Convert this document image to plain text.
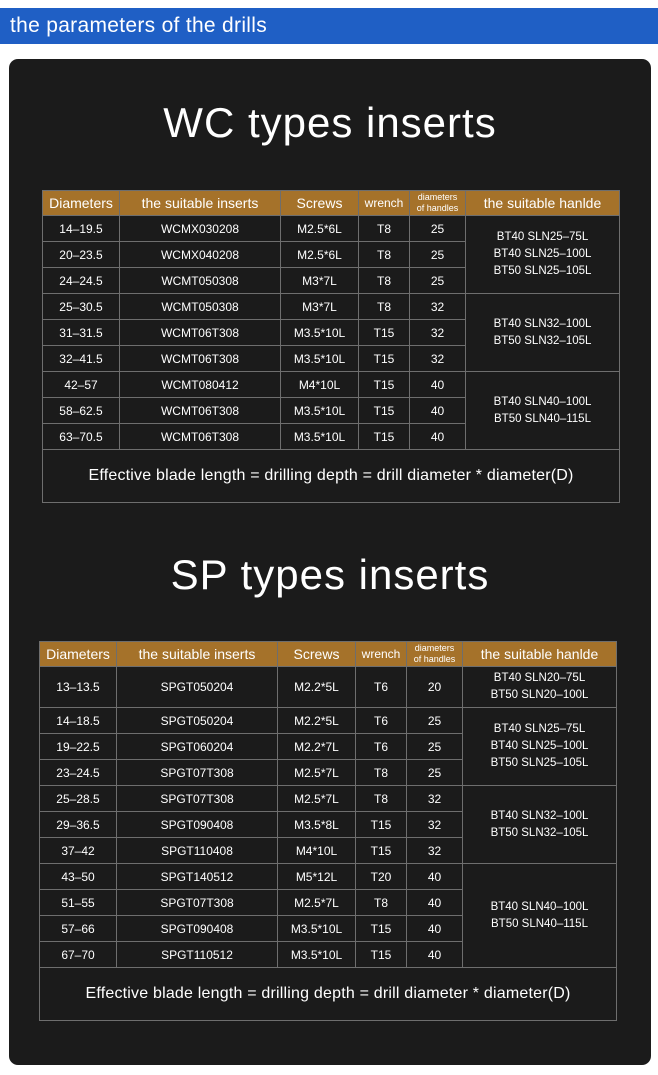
the parameters of the drills
WC types inserts
Diameters	the suitable inserts	Screws	wrench	diameters
of handles	the suitable hanlde
14–19.5	WCMX030208	M2.5*6L	T8	25	BT40 SLN25–75L
BT40 SLN25–100L
BT50 SLN25–105L

20–23.5	WCMX040208	M2.5*6L	T8	25	
24–24.5	WCMT050308	M3*7L	T8	25	
25–30.5	WCMT050308	M3*7L	T8	32	BT40 SLN32–100L
BT50 SLN32–105L

31–31.5	WCMT06T308	M3.5*10L	T15	32	
32–41.5	WCMT06T308	M3.5*10L	T15	32	
42–57	WCMT080412	M4*10L	T15	40	BT40 SLN40–100L
BT50 SLN40–115L

58–62.5	WCMT06T308	M3.5*10L	T15	40	
63–70.5	WCMT06T308	M3.5*10L	T15	40	
Effective blade length = drilling depth = drill diameter * diameter(D)					
SP types inserts
Diameters	the suitable inserts	Screws	wrench	diameters
of handles	the suitable hanlde
13–13.5	SPGT050204	M2.2*5L	T6	20	BT40 SLN20–75L
BT50 SLN20–100L

14–18.5	SPGT050204	M2.2*5L	T6	25	BT40 SLN25–75L
BT40 SLN25–100L
BT50 SLN25–105L

19–22.5	SPGT060204	M2.2*7L	T6	25	
23–24.5	SPGT07T308	M2.5*7L	T8	25	
25–28.5	SPGT07T308	M2.5*7L	T8	32	BT40 SLN32–100L
BT50 SLN32–105L

29–36.5	SPGT090408	M3.5*8L	T15	32	
37–42	SPGT110408	M4*10L	T15	32	
43–50	SPGT140512	M5*12L	T20	40	BT40 SLN40–100L
BT50 SLN40–115L

51–55	SPGT07T308	M2.5*7L	T8	40	
57–66	SPGT090408	M3.5*10L	T15	40	
67–70	SPGT110512	M3.5*10L	T15	40	
Effective blade length = drilling depth = drill diameter * diameter(D)					
